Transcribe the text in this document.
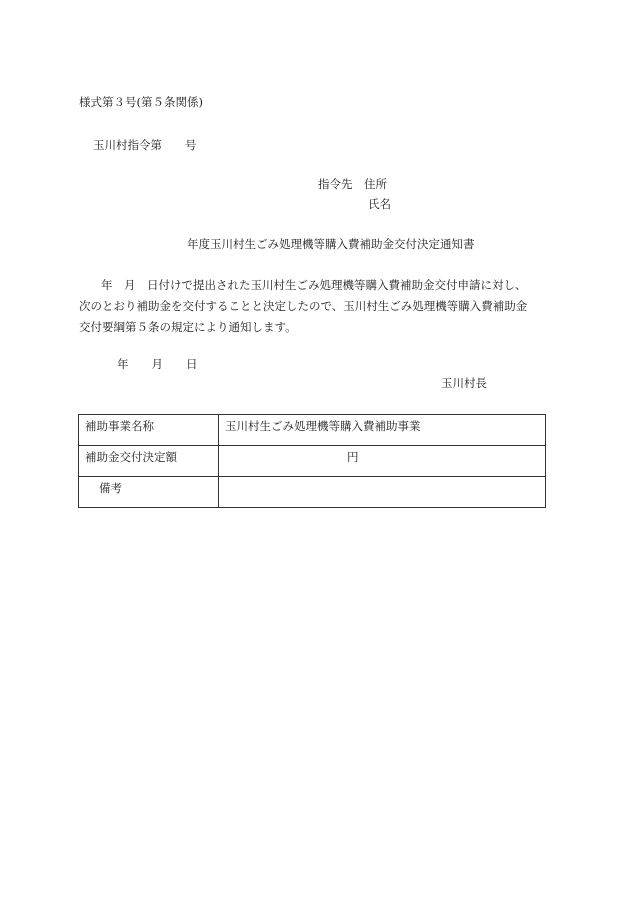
様式第３号(第５条関係)
玉川村指令第　　号
指令先　住所
氏名
年度玉川村生ごみ処理機等購入費補助金交付決定通知書
年　月　日付けで提出された玉川村生ごみ処理機等購入費補助金交付申請に対し、
次のとおり補助金を交付することと決定したので、玉川村生ごみ処理機等購入費補助金
交付要綱第５条の規定により通知します。
年　　月　　日
玉川村長
補助事業名称	玉川村生ごみ処理機等購入費補助事業
補助金交付決定額	円
備考	
